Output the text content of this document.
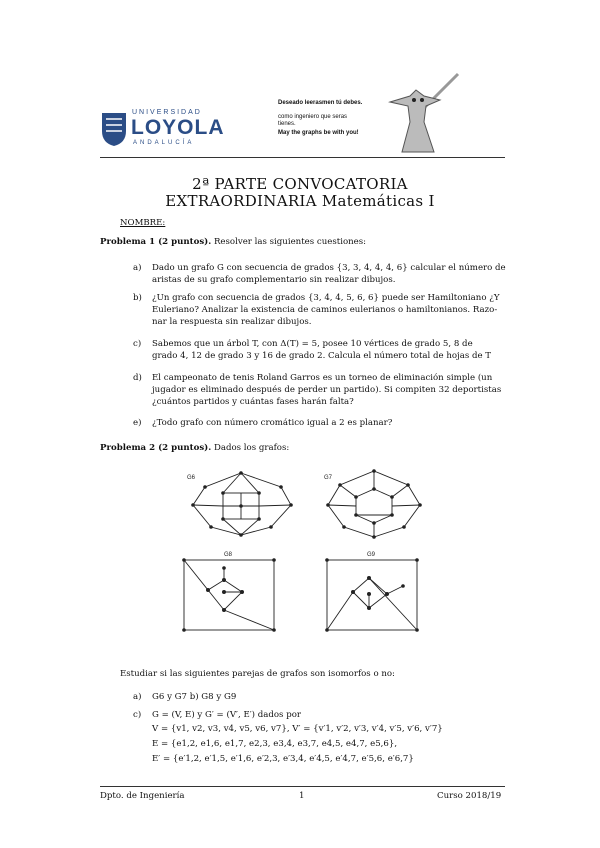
UNIVERSIDAD
LOYOLA
ANDALUCÍA
Deseado leerasmen tú debes.
como ingeniero que seras
tienes.
May the graphs be with you!
2ª PARTE CONVOCATORIA
EXTRAORDINARIA Matemáticas I
NOMBRE:
Problema 1 (2 puntos). Resolver las siguientes cuestiones:
a) Dado un grafo G con secuencia de grados {3, 3, 4, 4, 4, 6} calcular el número de
aristas de su grafo complementario sin realizar dibujos.
b) ¿Un grafo con secuencia de grados {3, 4, 4, 5, 6, 6} puede ser Hamiltoniano ¿Y
Euleriano? Analizar la existencia de caminos eulerianos o hamiltonianos. Razo-
nar la respuesta sin realizar dibujos.
c) Sabemos que un árbol T, con Δ(T) = 5, posee 10 vértices de grado 5, 8 de
grado 4, 12 de grado 3 y 16 de grado 2. Calcula el número total de hojas de T
d) El campeonato de tenis Roland Garros es un torneo de eliminación simple (un
jugador es eliminado después de perder un partido). Si compiten 32 deportistas
¿cuántos partidos y cuántas fases harán falta?
e) ¿Todo grafo con número cromático igual a 2 es planar?
Problema 2 (2 puntos). Dados los grafos:
G6	G7
G8	G9
Estudiar si las siguientes parejas de grafos son isomorfos o no:
a) G6 y G7 b) G8 y G9
c) G = (V, E) y G′ = (V′, E′) dados por
V = {v1, v2, v3, v4, v5, v6, v7}, V′ = {v′1, v′2, v′3, v′4, v′5, v′6, v′7}
E = {e1,2, e1,6, e1,7, e2,3, e3,4, e3,7, e4,5, e4,7, e5,6},
E′ = {e′1,2, e′1,5, e′1,6, e′2,3, e′3,4, e′4,5, e′4,7, e′5,6, e′6,7}
Dpto. de Ingeniería	1	Curso 2018/19
